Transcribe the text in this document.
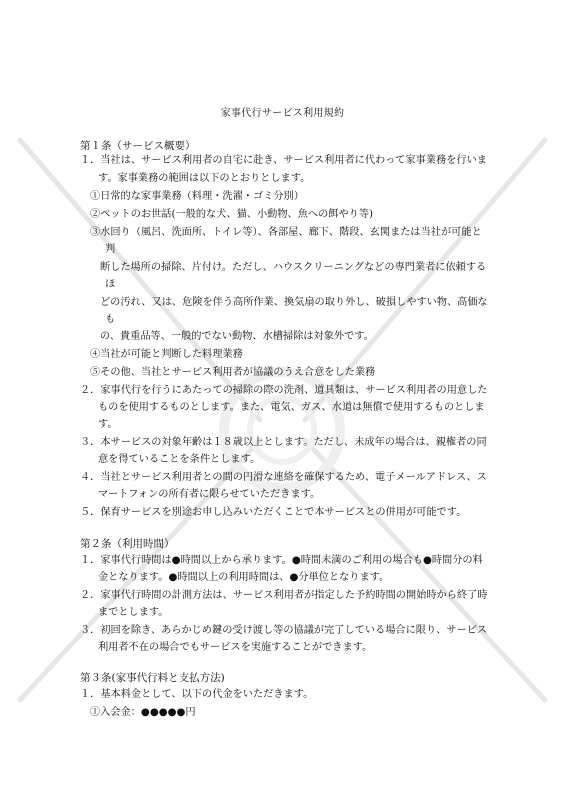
家事代行サービス利用規約
第１条（サービス概要）
１．当社は、サービス利用者の自宅に赴き、サービス利用者に代わって家事業務を行いま
す。家事業務の範囲は以下のとおりとします。
①日常的な家事業務（料理・洗濯・ゴミ分別）
②ペットのお世話(一般的な犬、猫、小動物、魚への餌やり等)
③水回り（風呂、洗面所、トイレ等）、各部屋、廊下、階段、玄関または当社が可能と
判
断した場所の掃除、片付け。ただし、ハウスクリーニングなどの専門業者に依頼する
ほ
どの汚れ、又は、危険を伴う高所作業、換気扇の取り外し、破損しやすい物、高価な
も
の、貴重品等、一般的でない動物、水槽掃除は対象外です。
④当社が可能と判断した料理業務
⑤その他、当社とサービス利用者が協議のうえ合意をした業務
２．家事代行を行うにあたっての掃除の際の洗剤、道具類は、サービス利用者の用意した
ものを使用するものとします。また、電気、ガス、水道は無償で使用するものとしま
す。
３．本サービスの対象年齢は１８歳以上とします。ただし、未成年の場合は、親権者の同
意を得ていることを条件とします。
４．当社とサービス利用者との間の円滑な連絡を確保するため、電子メールアドレス、ス
マートフォンの所有者に限らせていただきます。
５．保育サービスを別途お申し込みいただくことで本サービスとの併用が可能です。
第２条（利用時間）
１．家事代行時間は●時間以上から承ります。●時間未満のご利用の場合も●時間分の料
金となります。●時間以上の利用時間は、●分単位となります。
２．家事代行時間の計測方法は、サービス利用者が指定した予約時間の開始時から終了時
までとします。
３．初回を除き、あらかじめ鍵の受け渡し等の協議が完了している場合に限り、サービス
利用者不在の場合でもサービスを実施することができます。
第３条(家事代行料と支払方法)
１．基本料金として、以下の代金をいただきます。
①入会金：●●●●●円
